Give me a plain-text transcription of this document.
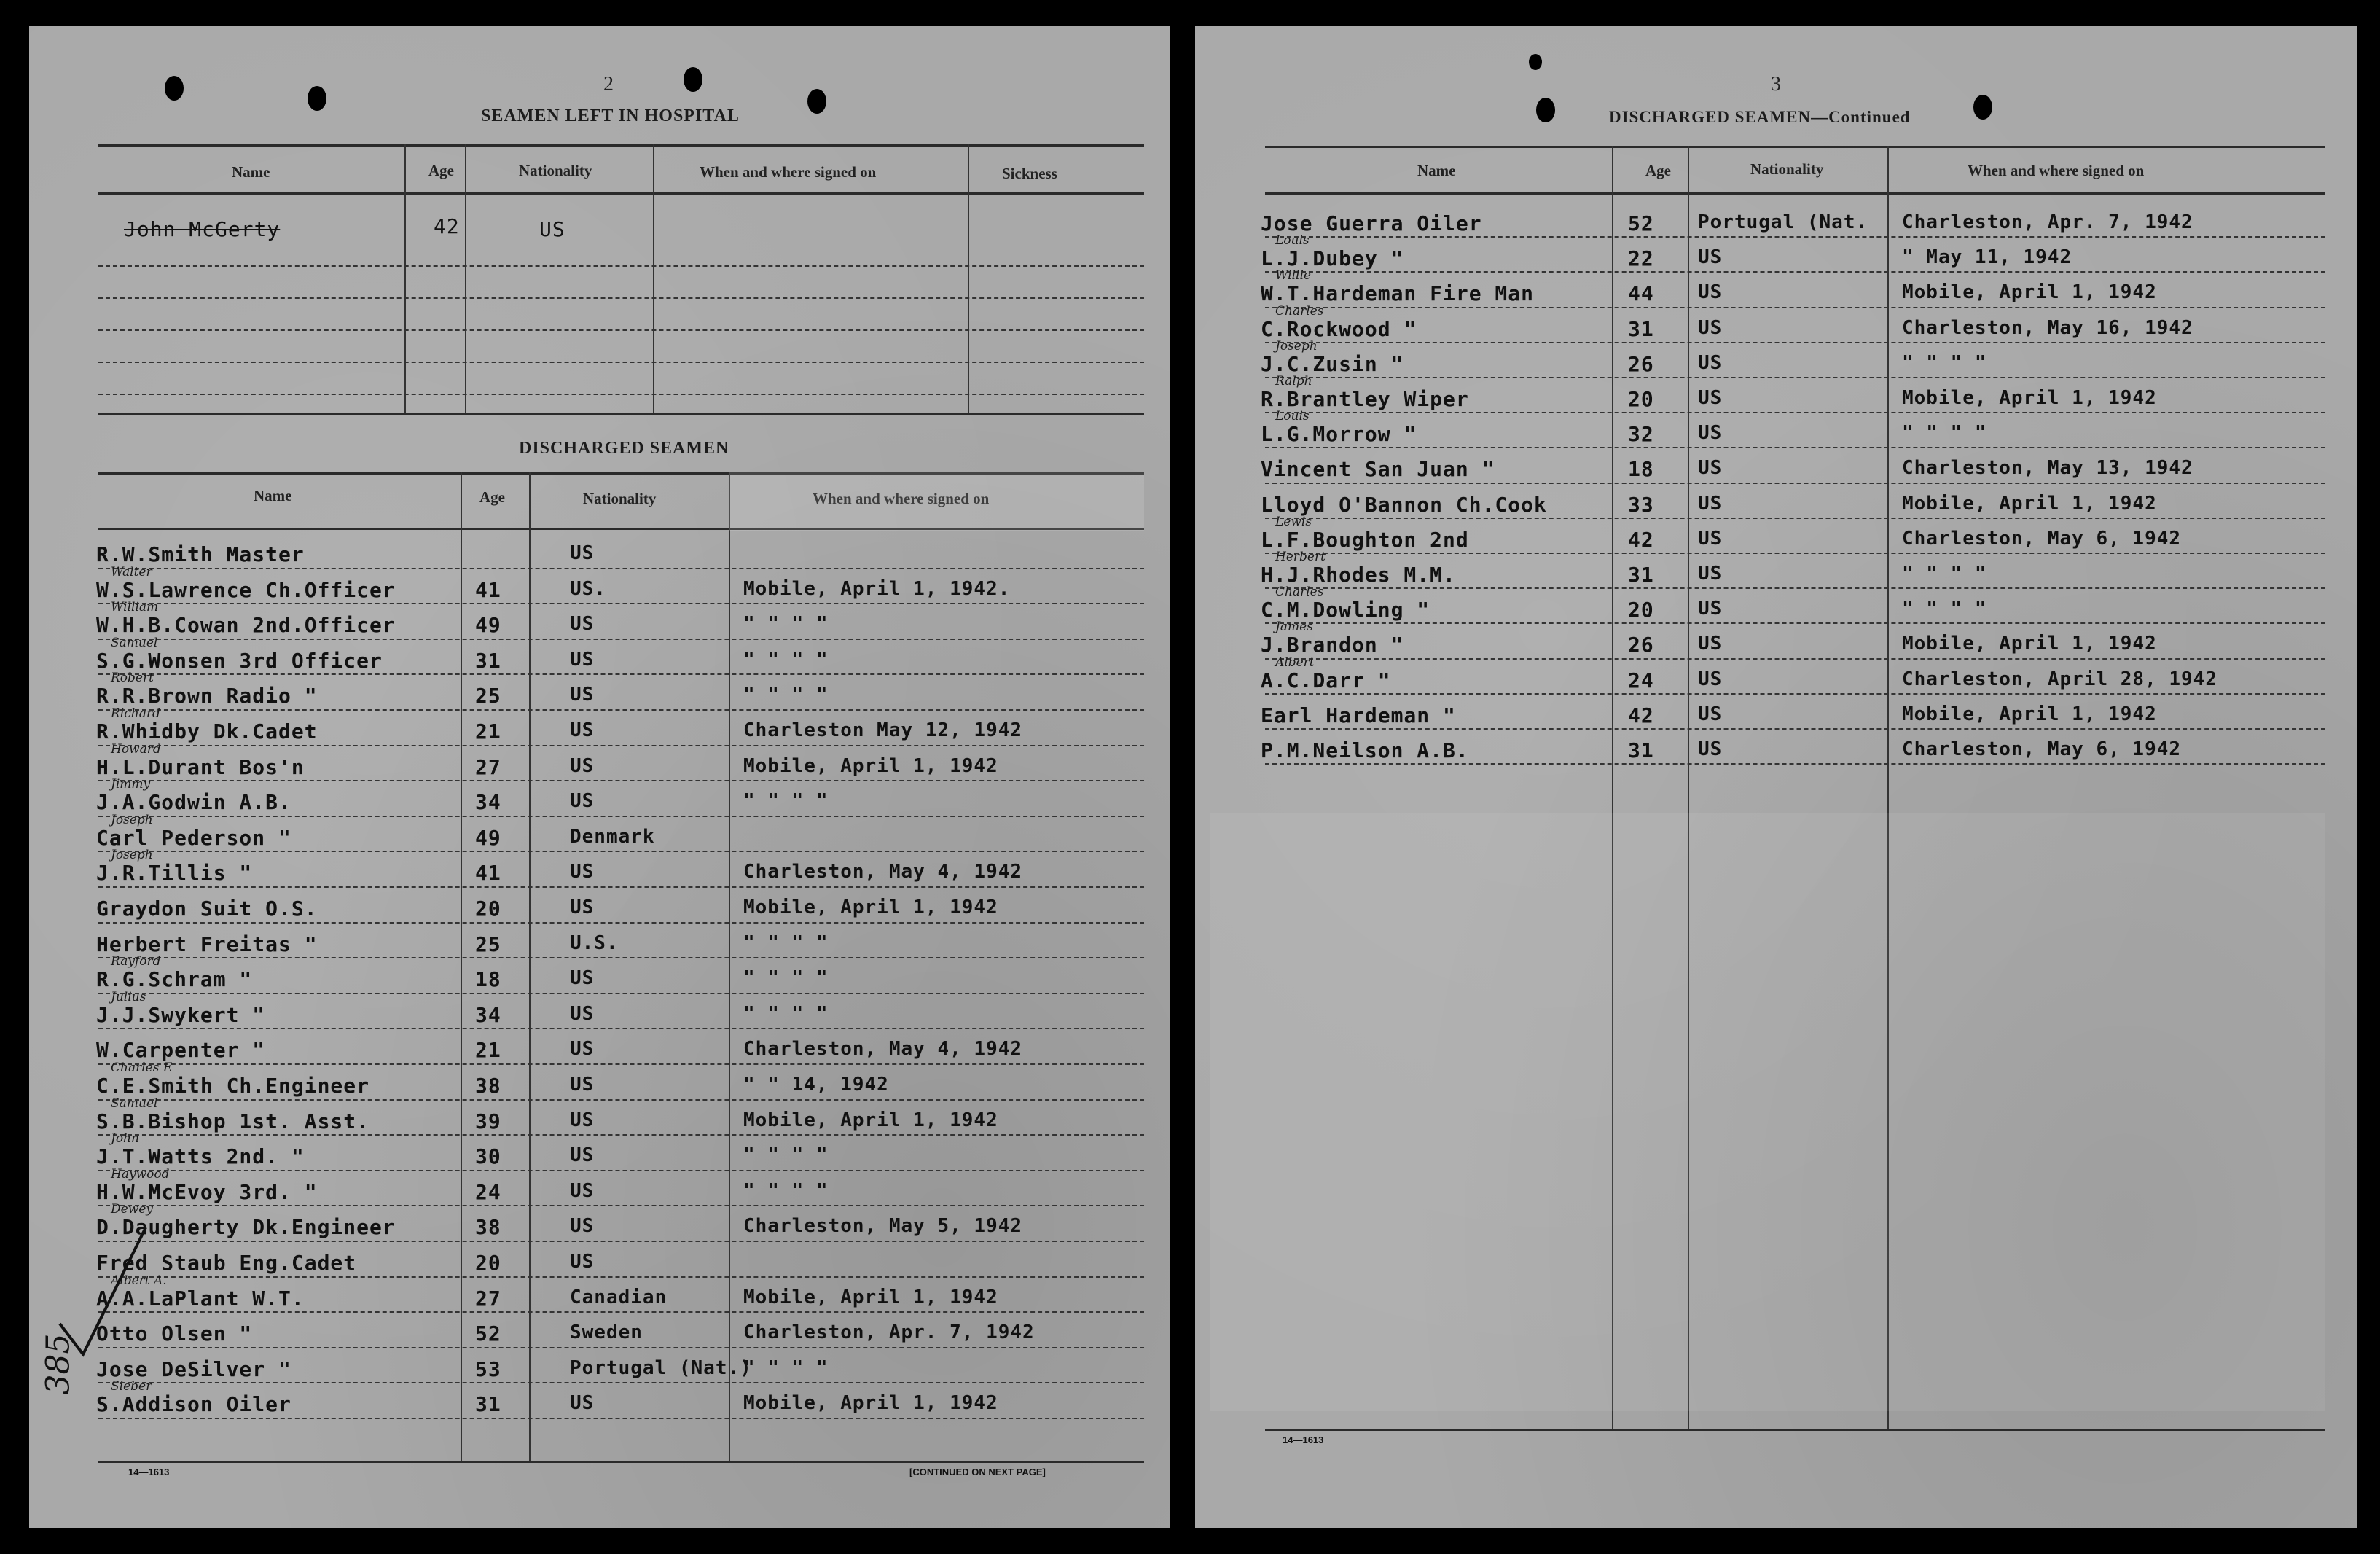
2
SEAMEN LEFT IN HOSPITAL
Name	Age	Nationality	When and where signed on	Sickness
John McGerty	42	US
DISCHARGED SEAMEN
Name	Age	Nationality	When and where signed on
R.W.Smith Master	US
W.S.Lawrence Ch.Officer	41	US.	Mobile, April 1, 1942.
Walter
W.H.B.Cowan 2nd.Officer	49	US	" " " "
William
S.G.Wonsen 3rd Officer	31	US	" " " "
Samuel
R.R.Brown Radio "	25	US	" " " "
Robert
R.Whidby Dk.Cadet	21	US	Charleston May 12, 1942
Richard
H.L.Durant Bos'n	27	US	Mobile, April 1, 1942
Howard
J.A.Godwin A.B.	34	US	" " " "
Jimmy
Carl Pederson "	49	Denmark
Joseph
J.R.Tillis "	41	US	Charleston, May 4, 1942
Joseph
Graydon Suit O.S.	20	US	Mobile, April 1, 1942
Herbert Freitas "	25	U.S.	" " " "
R.G.Schram "	18	US	" " " "
Rayford
J.J.Swykert "	34	US	" " " "
Julius
W.Carpenter "	21	US	Charleston, May 4, 1942
C.E.Smith Ch.Engineer	38	US	" " 14, 1942
Charles E
S.B.Bishop 1st. Asst.	39	US	Mobile, April 1, 1942
Samuel
J.T.Watts 2nd. "	30	US	" " " "
John
H.W.McEvoy 3rd. "	24	US	" " " "
Haywood
D.Daugherty Dk.Engineer	38	US	Charleston, May 5, 1942
Dewey
Fred Staub Eng.Cadet	20	US
A.A.LaPlant W.T.	27	Canadian	Mobile, April 1, 1942
Albert A.
Otto Olsen "	52	Sweden	Charleston, Apr. 7, 1942
Jose DeSilver "	53	Portugal (Nat.)
" " " "
S.Addison Oiler	31	US	Mobile, April 1, 1942
Sieber
14—1613	[CONTINUED ON NEXT PAGE]
385
3
DISCHARGED SEAMEN—Continued
Name	Age	Nationality	When and where signed on
Jose Guerra Oiler	52 Portugal (Nat. Charleston, Apr. 7, 1942
L.J.Dubey "	22 US	" May 11, 1942
Louis
W.T.Hardeman Fire Man	44 US	Mobile, April 1, 1942
Willie
C.Rockwood "	31 US	Charleston, May 16, 1942
Charles
J.C.Zusin "	26 US	" " " "
Joseph
R.Brantley Wiper	20 US	Mobile, April 1, 1942
Ralph
L.G.Morrow "	32 US	" " " "
Louis
Vincent San Juan "	18 US	Charleston, May 13, 1942
Lloyd O'Bannon Ch.Cook	33 US	Mobile, April 1, 1942
L.F.Boughton 2nd	42 US	Charleston, May 6, 1942
Lewis
H.J.Rhodes M.M.	31 US	" " " "
Herbert
C.M.Dowling "	20 US	" " " "
Charles
J.Brandon "	26 US	Mobile, April 1, 1942
James
A.C.Darr "	24 US	Charleston, April 28, 1942
Albert
Earl Hardeman "	42 US	Mobile, April 1, 1942
P.M.Neilson A.B.	31 US	Charleston, May 6, 1942
14—1613
